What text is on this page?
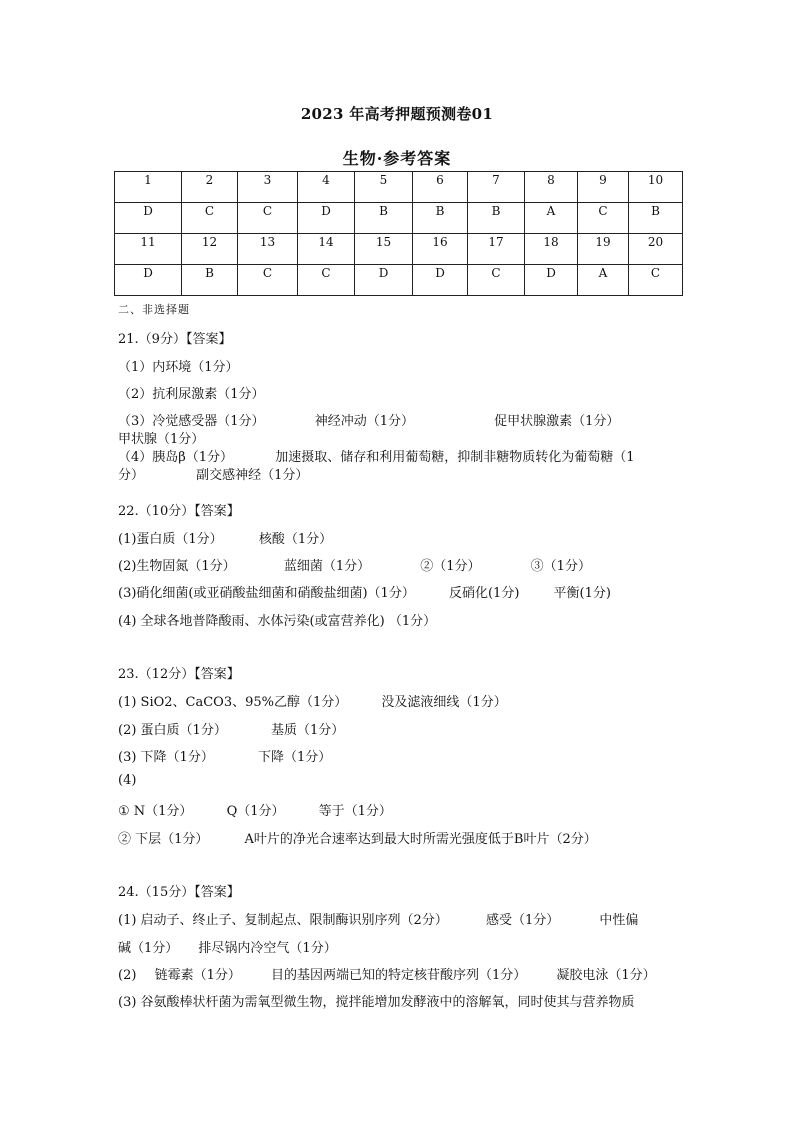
2023 年高考押题预测卷01
生物·参考答案
1	2	3	4	5	6	7	8	9	10
D	C	C	D	B	B	B	A	C	B
11	12	13	14	15	16	17	18	19	20
D	B	C	C	D	D	C	D	A	C
二、非选择题
21.（9分）【答案】
（1）内环境（1分）
（2）抗利尿激素（1分）
（3）冷觉感受器（1分）	神经冲动（1分）	促甲状腺激素（1分）
甲状腺（1分）
（4）胰岛β（1分）	加速摄取、储存和利用葡萄糖，抑制非糖物质转化为葡萄糖（1
分）	副交感神经（1分）
22.（10分）【答案】
(1)蛋白质（1分）	核酸（1分）
(2)生物固氮（1分）	蓝细菌（1分）	②（1分）	③（1分）
(3)硝化细菌(或亚硝酸盐细菌和硝酸盐细菌)（1分）	反硝化(1分)	平衡(1分)
(4) 全球各地普降酸雨、水体污染(或富营养化) （1分）
23.（12分）【答案】
(1) SiO2、CaCO3、95%乙醇（1分）	没及滤液细线（1分）
(2) 蛋白质（1分）	基质（1分）
(3) 下降（1分）	下降（1分）
(4)
① N（1分）	Q（1分）	等于（1分）
② 下层（1分）	A叶片的净光合速率达到最大时所需光强度低于B叶片（2分）
24.（15分）【答案】
(1) 启动子、终止子、复制起点、限制酶识别序列（2分）	感受（1分）	中性偏
碱（1分） 排尽锅内冷空气（1分）
(2) 链霉素（1分） 目的基因两端已知的特定核苷酸序列（1分） 凝胶电泳（1分）
(3) 谷氨酸棒状杆菌为需氧型微生物，搅拌能增加发酵液中的溶解氧，同时使其与营养物质
